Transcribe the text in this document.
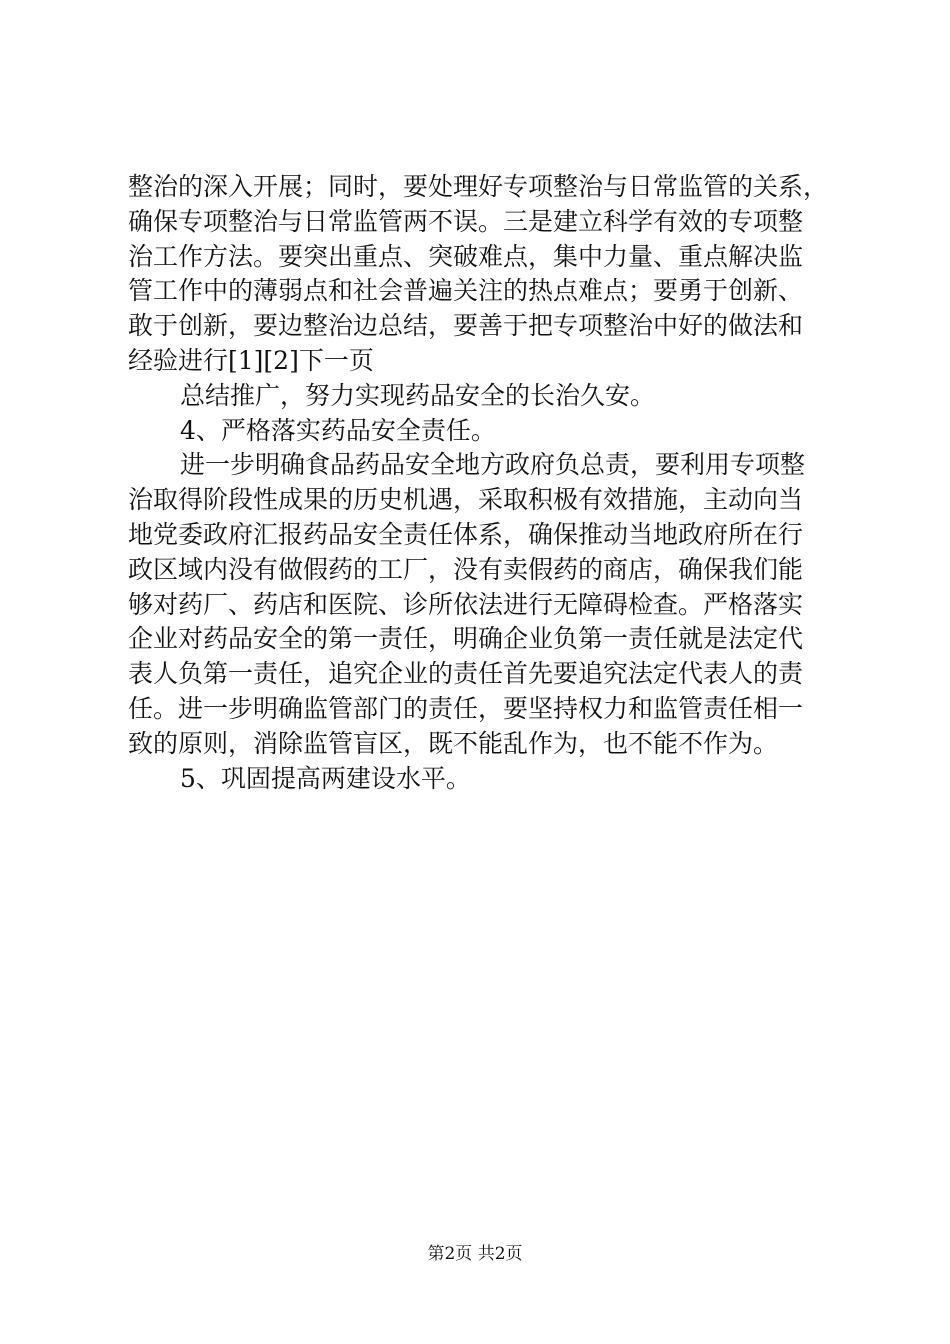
整治的深入开展；同时，要处理好专项整治与日常监管的关系，
确保专项整治与日常监管两不误。三是建立科学有效的专项整
治工作方法。要突出重点、突破难点，集中力量、重点解决监
管工作中的薄弱点和社会普遍关注的热点难点；要勇于创新、
敢于创新，要边整治边总结，要善于把专项整治中好的做法和
经验进行[1][2]下一页
总结推广，努力实现药品安全的长治久安。
4、严格落实药品安全责任。
进一步明确食品药品安全地方政府负总责，要利用专项整
治取得阶段性成果的历史机遇，采取积极有效措施，主动向当
地党委政府汇报药品安全责任体系，确保推动当地政府所在行
政区域内没有做假药的工厂，没有卖假药的商店，确保我们能
够对药厂、药店和医院、诊所依法进行无障碍检查。严格落实
企业对药品安全的第一责任，明确企业负第一责任就是法定代
表人负第一责任，追究企业的责任首先要追究法定代表人的责
任。进一步明确监管部门的责任，要坚持权力和监管责任相一
致的原则，消除监管盲区，既不能乱作为，也不能不作为。
5、巩固提高两建设水平。
第2页 共2页
